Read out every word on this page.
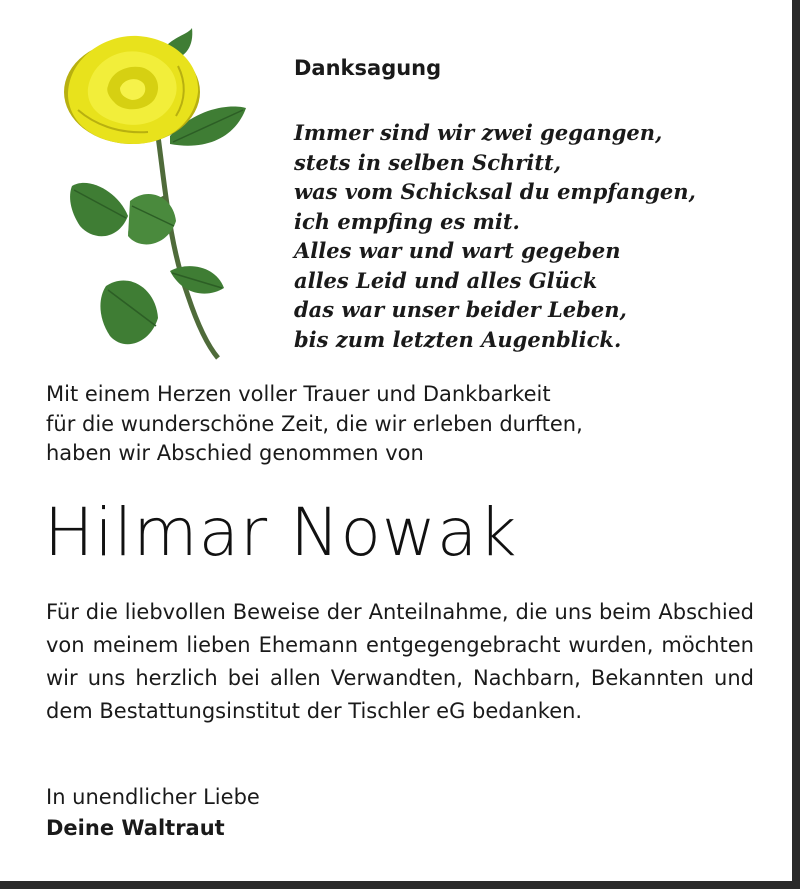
Danksagung
Immer sind wir zwei gegangen,
stets in selben Schritt,
was vom Schicksal du empfangen,
ich empfing es mit.
Alles war und wart gegeben
alles Leid und alles Glück
das war unser beider Leben,
bis zum letzten Augenblick.
Mit einem Herzen voller Trauer und Dankbarkeit
für die wunderschöne Zeit, die wir erleben durften,
haben wir Abschied genommen von
Hilmar Nowak
Für die liebvollen Beweise der Anteilnahme, die uns beim Abschied von meinem lieben Ehemann entgegengebracht wurden, möchten wir uns herzlich bei allen Verwandten, Nachbarn, Bekannten und dem Bestattungsinstitut der Tischler eG bedanken.
In unendlicher Liebe
Deine Waltraut
